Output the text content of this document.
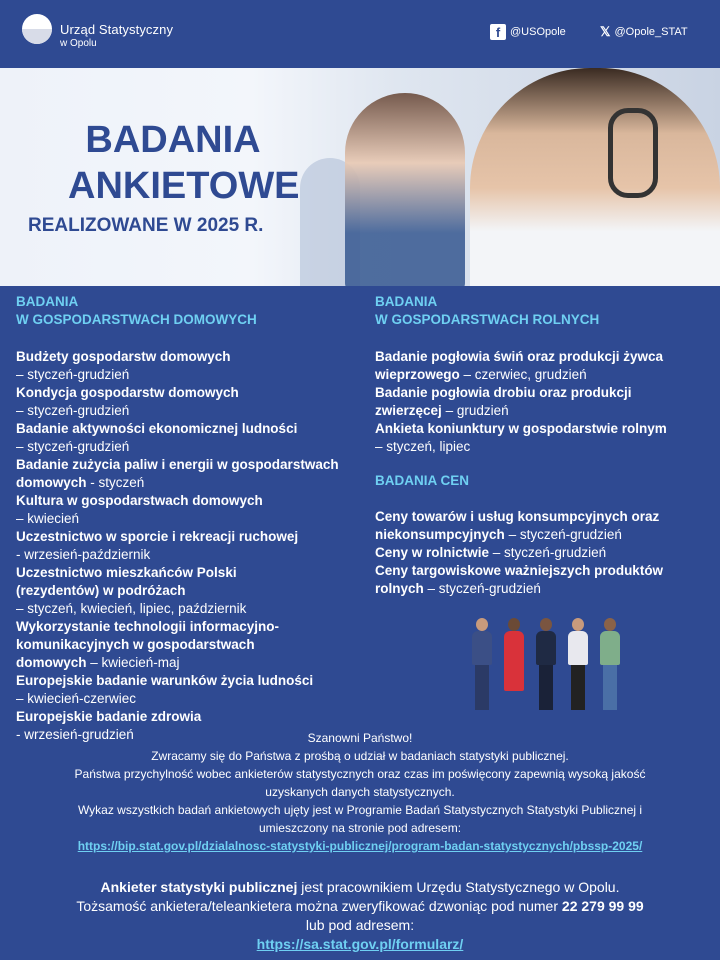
Urząd Statystyczny
w Opolu
f @USOpole	𝕏 @Opole_STAT
BADANIA
ANKIETOWE
REALIZOWANE W 2025 R.
BADANIA
W GOSPODARSTWACH DOMOWYCH
Budżety gospodarstw domowych
– styczeń-grudzień
Kondycja gospodarstw domowych
– styczeń-grudzień
Badanie aktywności ekonomicznej ludności
– styczeń-grudzień
Badanie zużycia paliw i energii w gospodarstwach domowych - styczeń
Kultura w gospodarstwach domowych
– kwiecień
Uczestnictwo w sporcie i rekreacji ruchowej
- wrzesień-październik
Uczestnictwo mieszkańców Polski (rezydentów) w podróżach
– styczeń, kwiecień, lipiec, październik
Wykorzystanie technologii informacyjno-komunikacyjnych w gospodarstwach domowych – kwiecień-maj
Europejskie badanie warunków życia ludności
– kwiecień-czerwiec
Europejskie badanie zdrowia
- wrzesień-grudzień
BADANIA
W GOSPODARSTWACH ROLNYCH
Badanie pogłowia świń oraz produkcji żywca wieprzowego – czerwiec, grudzień
Badanie pogłowia drobiu oraz produkcji zwierzęcej – grudzień
Ankieta koniunktury w gospodarstwie rolnym
– styczeń, lipiec
BADANIA CEN
Ceny towarów i usług konsumpcyjnych oraz niekonsumpcyjnych – styczeń-grudzień
Ceny w rolnictwie – styczeń-grudzień
Ceny targowiskowe ważniejszych produktów rolnych – styczeń-grudzień
Szanowni Państwo!
Zwracamy się do Państwa z prośbą o udział w badaniach statystyki publicznej.
Państwa przychylność wobec ankieterów statystycznych oraz czas im poświęcony zapewnią wysoką jakość
uzyskanych danych statystycznych.
Wykaz wszystkich badań ankietowych ujęty jest w Programie Badań Statystycznych Statystyki Publicznej i
umieszczony na stronie pod adresem:
https://bip.stat.gov.pl/dzialalnosc-statystyki-publicznej/program-badan-statystycznych/pbssp-2025/
Ankieter statystyki publicznej jest pracownikiem Urzędu Statystycznego w Opolu.
Tożsamość ankietera/teleankietera można zweryfikować dzwoniąc pod numer 22 279 99 99
lub pod adresem:
https://sa.stat.gov.pl/formularz/
